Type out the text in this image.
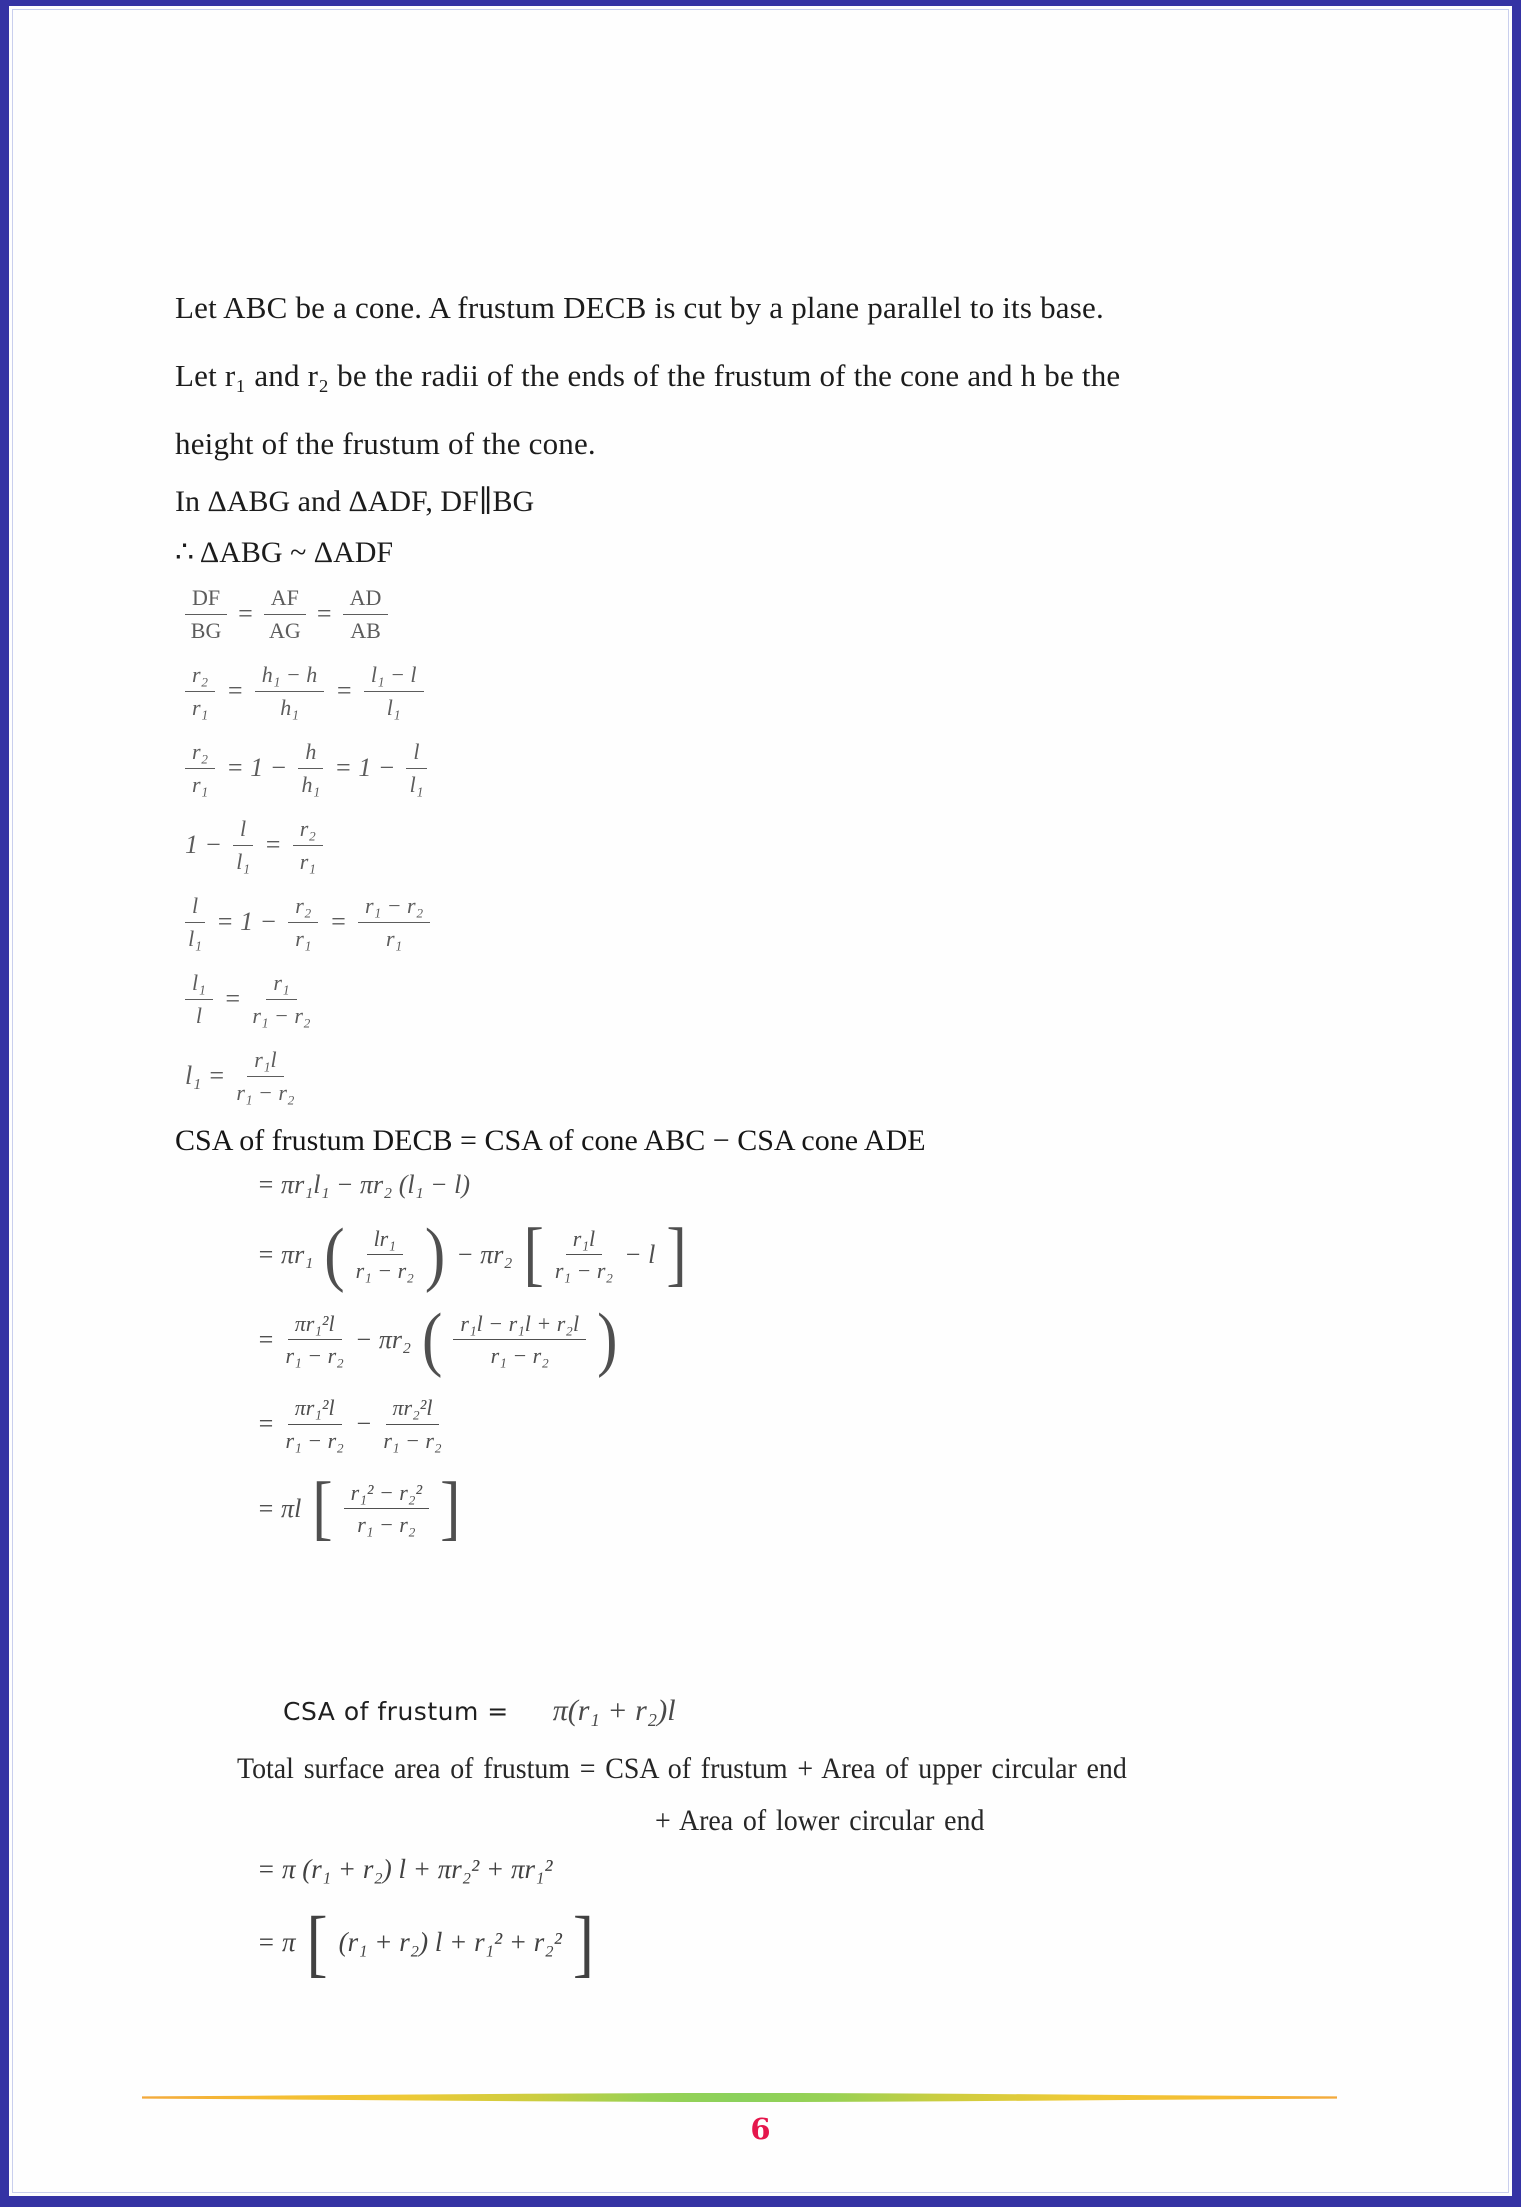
Let ABC be a cone. A frustum DECB is cut by a plane parallel to its base.
Let r₁ and r₂ be the radii of the ends of the frustum of the cone and h be the
height of the frustum of the cone.
In ΔABG and ΔADF, DF∥BG
∴ ΔABG ~ ΔADF
$\frac{DF}{BG} = \frac{AF}{AG} = \frac{AD}{AB}$
$\frac{\text{r₂}}{\text{r₁}} = \frac{\text{h₁ − h}}{\text{h₁}} = \frac{\text{l₁ − l}}{\text{l₁}}$
$\frac{\text{r₂}}{\text{r₁}} = 1 - \frac{h}{\text{h₁}} = 1 - \frac{l}{\text{l₁}}$
$1 - \frac{l}{\text{l₁}} = \frac{\text{r₂}}{\text{r₁}}$
$\frac{l}{\text{l₁}} = 1 - \frac{\text{r₂}}{\text{r₁}} = \frac{\text{r₁ − r₂}}{\text{r₁}}$
$\frac{\text{l₁}}{l} = \frac{\text{r₁}}{\text{r₁ − r₂}}$
$l_1 = \frac{\text{r₁l}}{\text{r₁ − r₂}}$
CSA of frustum DECB = CSA of cone ABC − CSA cone ADE
= πr₁l₁ − πr₂ (l₁ − l)
= πr₁ ( $\frac{\text{lr₁}}{\text{r₁ − r₂}}$ ) − πr₂ [ $\frac{\text{r₁l}}{\text{r₁ − r₂}} - l$ ]
= $\frac{\text{πr₁²l}}{\text{r₁ − r₂}} - \pi r_2$ ( $\frac{\text{r₁l − r₁l + r₂l}}{\text{r₁ − r₂}}$ )
= $\frac{\text{πr₁²l}}{\text{r₁ − r₂}} - \frac{\text{πr₂²l}}{\text{r₁ − r₂}}$
= πl [ $\frac{\text{r₁² − r₂²}}{\text{r₁ − r₂}}$ ]
CSA of frustum = π(r₁ + r₂)l
Total surface area of frustum = CSA of frustum + Area of upper circular end
+ Area of lower circular end
= π (r₁ + r₂) l + πr₂² + πr₁²
= π [ (r₁ + r₂) l + r₁² + r₂² ]
6
